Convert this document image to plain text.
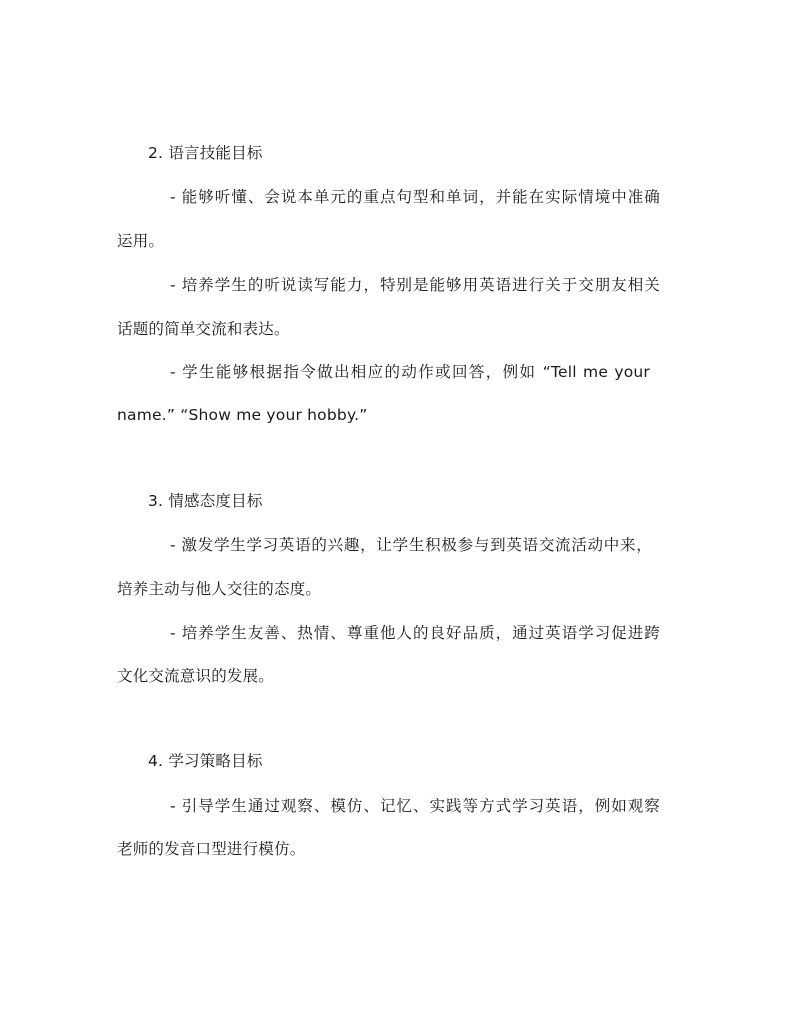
2. 语言技能目标
- 能够听懂、会说本单元的重点句型和单词，并能在实际情境中准确
运用。
- 培养学生的听说读写能力，特别是能够用英语进行关于交朋友相关
话题的简单交流和表达。
- 学生能够根据指令做出相应的动作或回答，例如 “Tell me your
name.” “Show me your hobby.”
3. 情感态度目标
- 激发学生学习英语的兴趣，让学生积极参与到英语交流活动中来，
培养主动与他人交往的态度。
- 培养学生友善、热情、尊重他人的良好品质，通过英语学习促进跨
文化交流意识的发展。
4. 学习策略目标
- 引导学生通过观察、模仿、记忆、实践等方式学习英语，例如观察
老师的发音口型进行模仿。
